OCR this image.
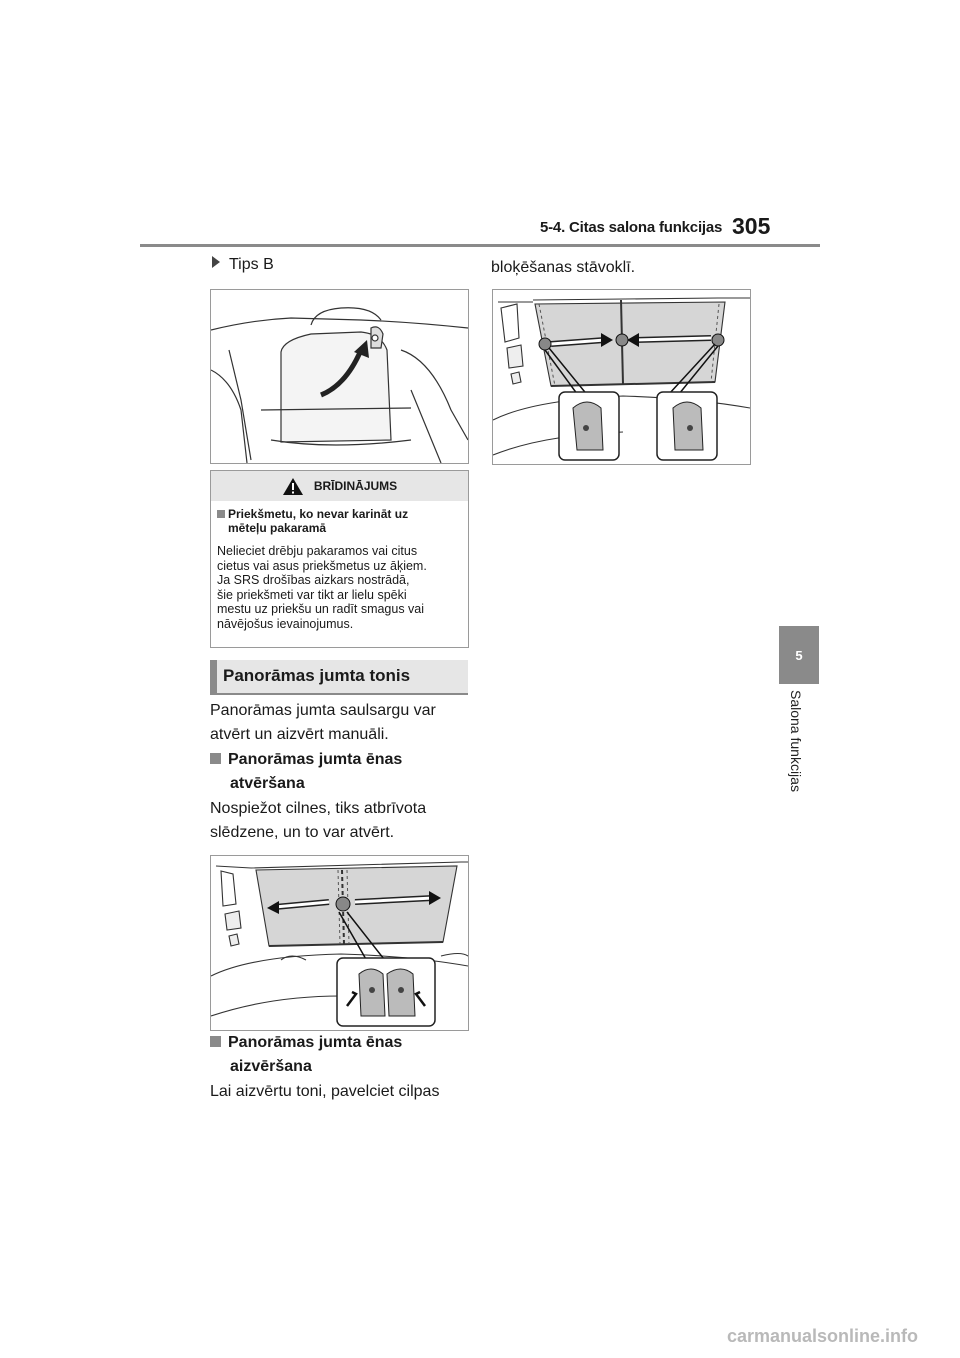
5-4. Citas salona funkcijas 305
5
Salona funkcijas
Tips B
BRĪDINĀJUMS
Priekšmetu, ko nevar karināt uz
mēteļu pakaramā
Nelieciet drēbju pakaramos vai citus
cietus vai asus priekšmetus uz āķiem.
Ja SRS drošības aizkars nostrādā,
šie priekšmeti var tikt ar lielu spēki
mestu uz priekšu un radīt smagus vai
nāvējošus ievainojumus.
Panorāmas jumta tonis
Panorāmas jumta saulsargu var
atvērt un aizvērt manuāli.
Panorāmas jumta ēnas
atvēršana
Nospiežot cilnes, tiks atbrīvota
slēdzene, un to var atvērt.
Panorāmas jumta ēnas
aizvēršana
Lai aizvērtu toni, pavelciet cilpas
bloķēšanas stāvoklī.
carmanualsonline.info
